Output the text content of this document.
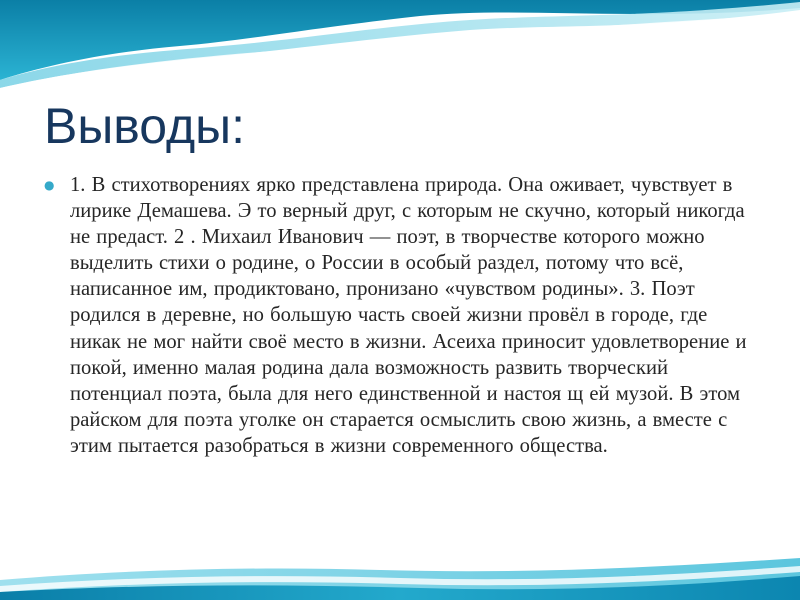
Выводы:
● 1. В стихотворениях ярко представлена природа. Она оживает, чувствует в лирике Демашева. Э то верный друг, с которым не скучно, который никогда не предаст. 2 . Михаил Иванович — поэт, в творчестве которого можно выделить стихи о родине, о России в особый раздел, потому что всё, написанное им, продиктовано, пронизано «чувством родины». 3. Поэт родился в деревне, но большую часть своей жизни провёл в городе, где никак не мог найти своё место в жизни. Асеиха приносит удовлетворение и покой, именно малая родина дала возможность развить творческий потенциал поэта, была для него единственной и настоя щ ей музой. В этом райском для поэта уголке он старается осмыслить свою жизнь, а вместе с этим пытается разобраться в жизни современного общества.
